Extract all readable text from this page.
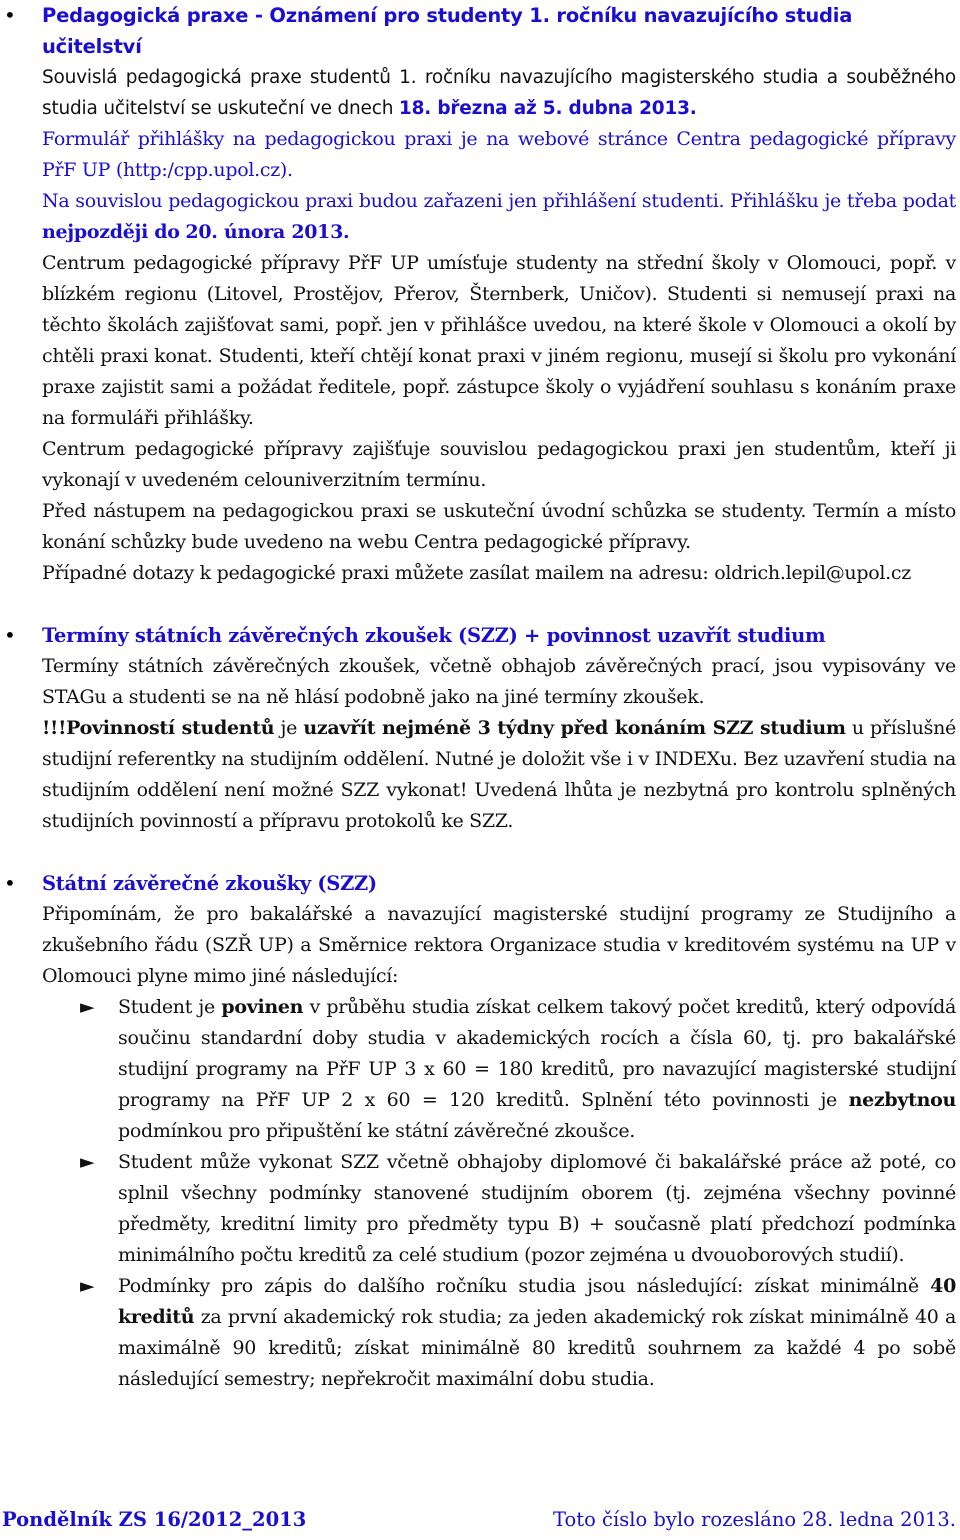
• Pedagogická praxe - Oznámení pro studenty 1. ročníku navazujícího studia učitelství

Souvislá pedagogická praxe studentů 1. ročníku navazujícího magisterského studia a souběžného studia učitelství se uskuteční ve dnech 18. března až 5. dubna 2013.

Formulář přihlášky na pedagogickou praxi je na webové stránce Centra pedagogické přípravy PřF UP (http:/cpp.upol.cz).

Na souvislou pedagogickou praxi budou zařazeni jen přihlášení studenti. Přihlášku je třeba podat nejpozději do 20. února 2013.

Centrum pedagogické přípravy PřF UP umísťuje studenty na střední školy v Olomouci, popř. v blízkém regionu (Litovel, Prostějov, Přerov, Šternberk, Uničov). Studenti si nemusejí praxi na těchto školách zajišťovat sami, popř. jen v přihlášce uvedou, na které škole v Olomouci a okolí by chtěli praxi konat. Studenti, kteří chtějí konat praxi v jiném regionu, musejí si školu pro vykonání praxe zajistit sami a požádat ředitele, popř. zástupce školy o vyjádření souhlasu s konáním praxe na formuláři přihlášky.

Centrum pedagogické přípravy zajišťuje souvislou pedagogickou praxi jen studentům, kteří ji vykonají v uvedeném celouniverzitním termínu.

Před nástupem na pedagogickou praxi se uskuteční úvodní schůzka se studenty. Termín a místo konání schůzky bude uvedeno na webu Centra pedagogické přípravy.

Případné dotazy k pedagogické praxi můžete zasílat mailem na adresu: oldrich.lepil@upol.cz

• Termíny státních závěrečných zkoušek (SZZ) + povinnost uzavřít studium

Termíny státních závěrečných zkoušek, včetně obhajob závěrečných prací, jsou vypisovány ve STAGu a studenti se na ně hlásí podobně jako na jiné termíny zkoušek.

!!!Povinností studentů je uzavřít nejméně 3 týdny před konáním SZZ studium u příslušné studijní referentky na studijním oddělení. Nutné je doložit vše i v INDEXu. Bez uzavření studia na studijním oddělení není možné SZZ vykonat! Uvedená lhůta je nezbytná pro kontrolu splněných studijních povinností a přípravu protokolů ke SZZ.

• Státní závěrečné zkoušky (SZZ)

Připomínám, že pro bakalářské a navazující magisterské studijní programy ze Studijního a zkušebního řádu (SZŘ UP) a Směrnice rektora Organizace studia v kreditovém systému na UP v Olomouci plyne mimo jiné následující:

► Student je povinen v průběhu studia získat celkem takový počet kreditů, který odpovídá součinu standardní doby studia v akademických rocích a čísla 60, tj. pro bakalářské studijní programy na PřF UP 3 x 60 = 180 kreditů, pro navazující magisterské studijní programy na PřF UP 2 x 60 = 120 kreditů. Splnění této povinnosti je nezbytnou podmínkou pro připuštění ke státní závěrečné zkoušce.

► Student může vykonat SZZ včetně obhajoby diplomové či bakalářské práce až poté, co splnil všechny podmínky stanovené studijním oborem (tj. zejména všechny povinné předměty, kreditní limity pro předměty typu B) + současně platí předchozí podmínka minimálního počtu kreditů za celé studium (pozor zejména u dvouoborových studií).

► Podmínky pro zápis do dalšího ročníku studia jsou následující: získat minimálně 40 kreditů za první akademický rok studia; za jeden akademický rok získat minimálně 40 a maximálně 90 kreditů; získat minimálně 80 kreditů souhrnem za každé 4 po sobě následující semestry; nepřekročit maximální dobu studia.

Pondělník ZS 16/2012_2013	Toto číslo bylo rozesláno 28. ledna 2013.
